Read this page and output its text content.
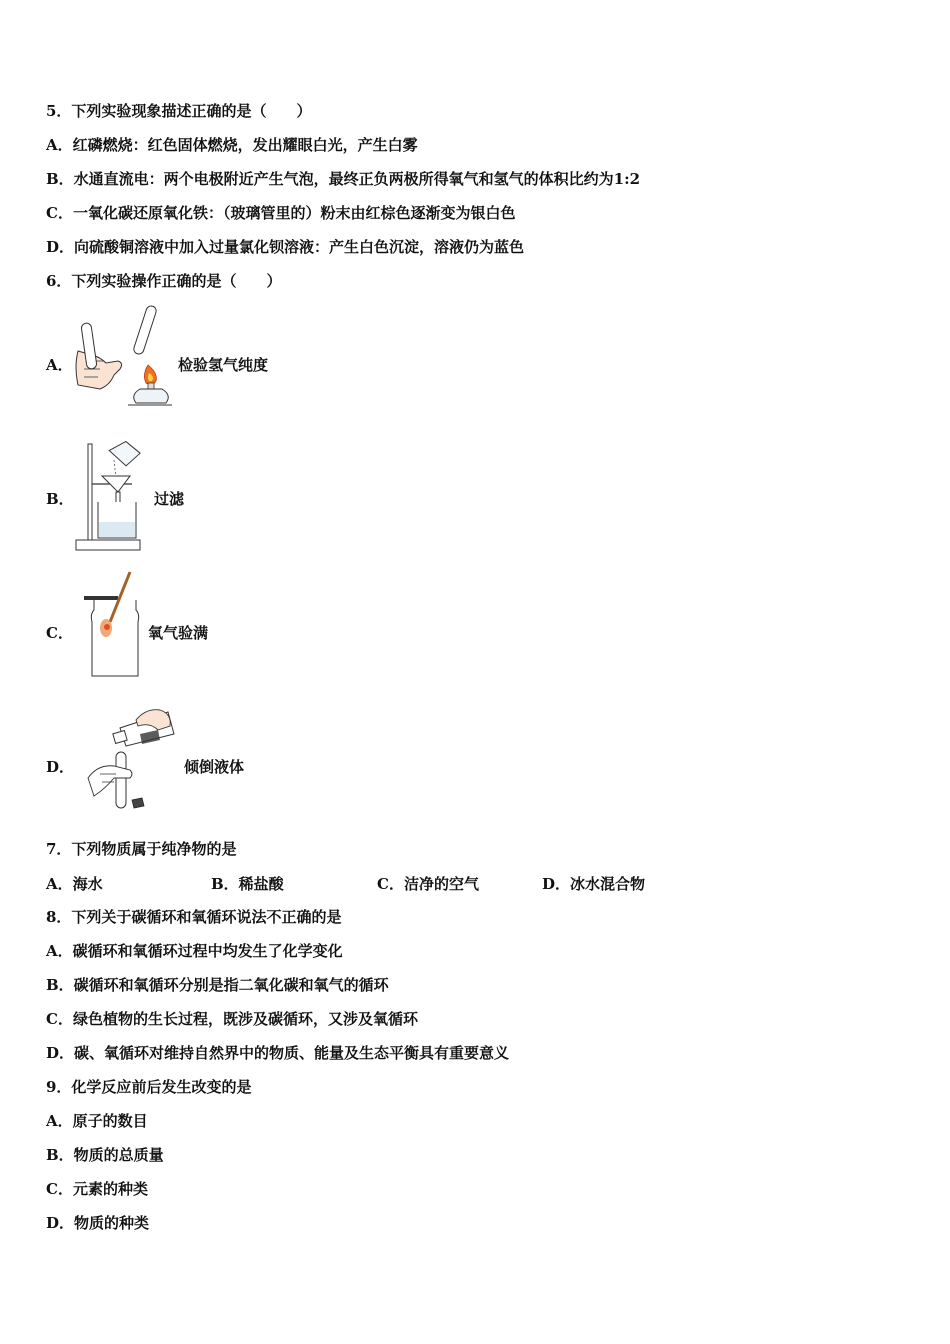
5．下列实验现象描述正确的是（　　）
A．红磷燃烧：红色固体燃烧，发出耀眼白光，产生白雾
B．水通直流电：两个电极附近产生气泡，最终正负两极所得氧气和氢气的体积比约为1:2
C．一氧化碳还原氧化铁：（玻璃管里的）粉末由红棕色逐渐变为银白色
D．向硫酸铜溶液中加入过量氯化钡溶液：产生白色沉淀，溶液仍为蓝色
6．下列实验操作正确的是（　　）
A．	检验氢气纯度
B．	过滤
C．	氧气验满
D．	倾倒液体
7．下列物质属于纯净物的是
A．海水	B．稀盐酸	C．洁净的空气	D．冰水混合物
8．下列关于碳循环和氧循环说法不正确的是
A．碳循环和氧循环过程中均发生了化学变化
B．碳循环和氧循环分别是指二氧化碳和氧气的循环
C．绿色植物的生长过程，既涉及碳循环，又涉及氧循环
D．碳、氧循环对维持自然界中的物质、能量及生态平衡具有重要意义
9．化学反应前后发生改变的是
A．原子的数目
B．物质的总质量
C．元素的种类
D．物质的种类
